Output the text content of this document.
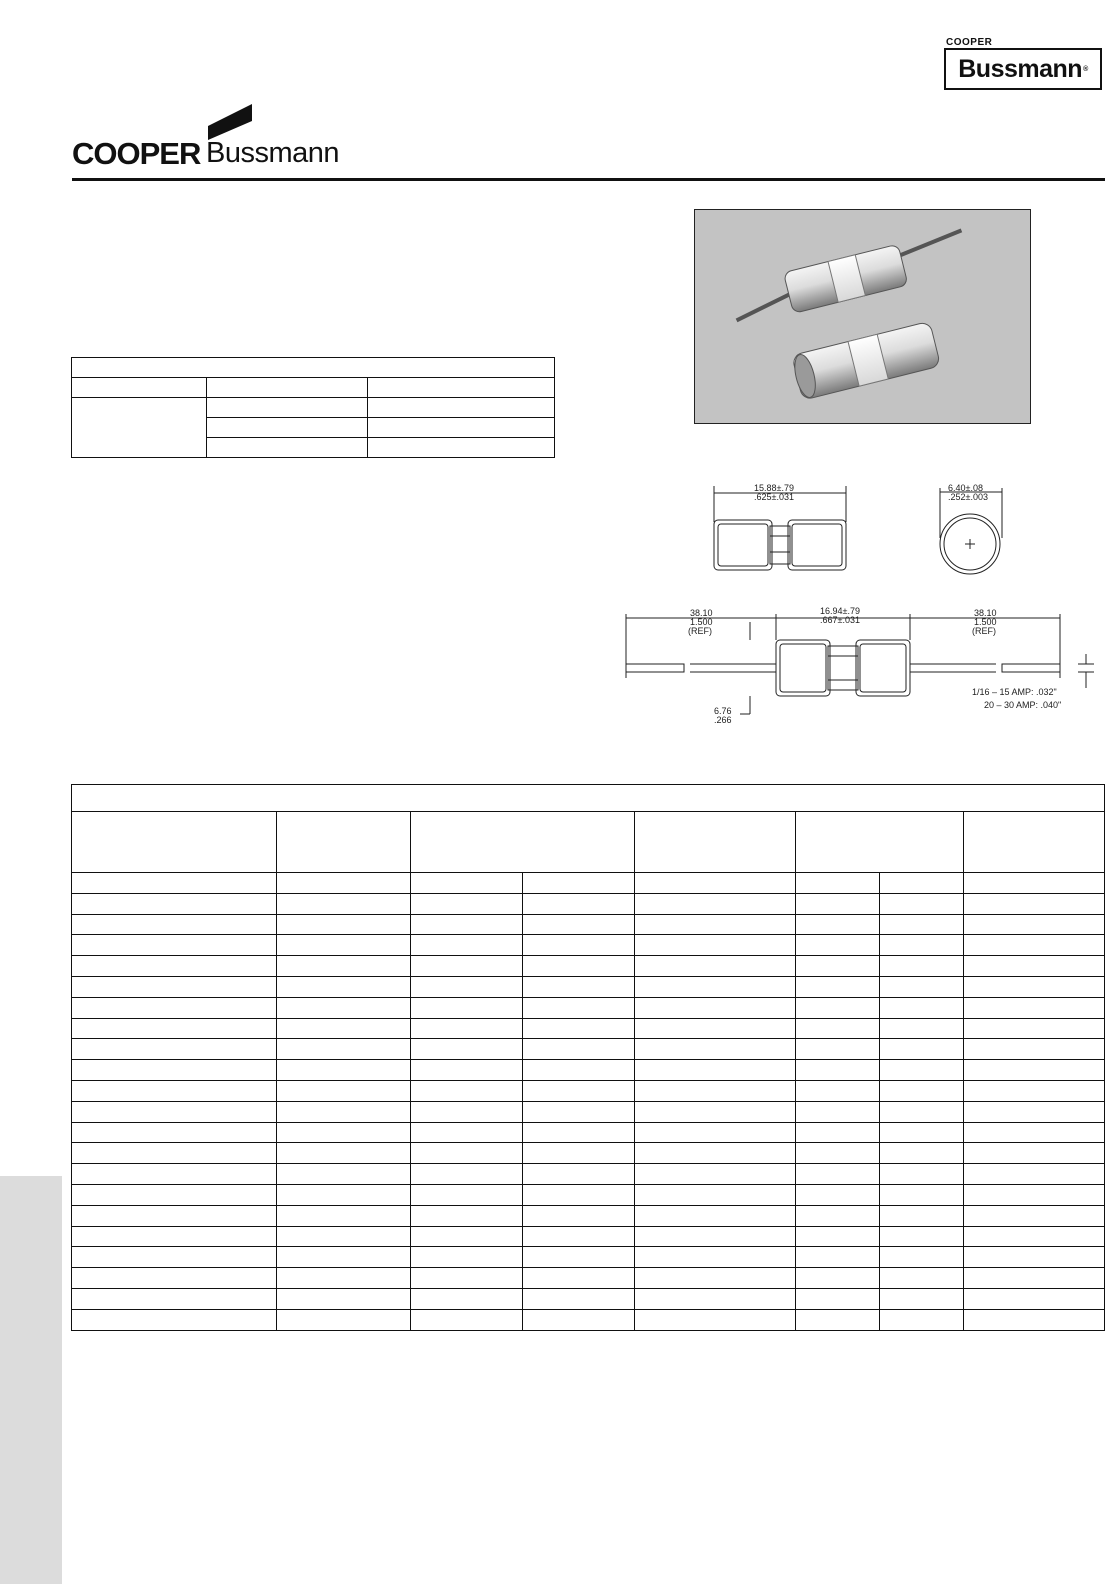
COOPER
Bussmann ®
COOPER Bussmann

15.88±.79
.625±.031
6.40±.08
.252±.003
38.10
1.500
(REF)
16.94±.79
.667±.031
38.10
1.500
(REF)
6.76
.266
1/16 – 15 AMP: .032"
20 – 30 AMP: .040"
